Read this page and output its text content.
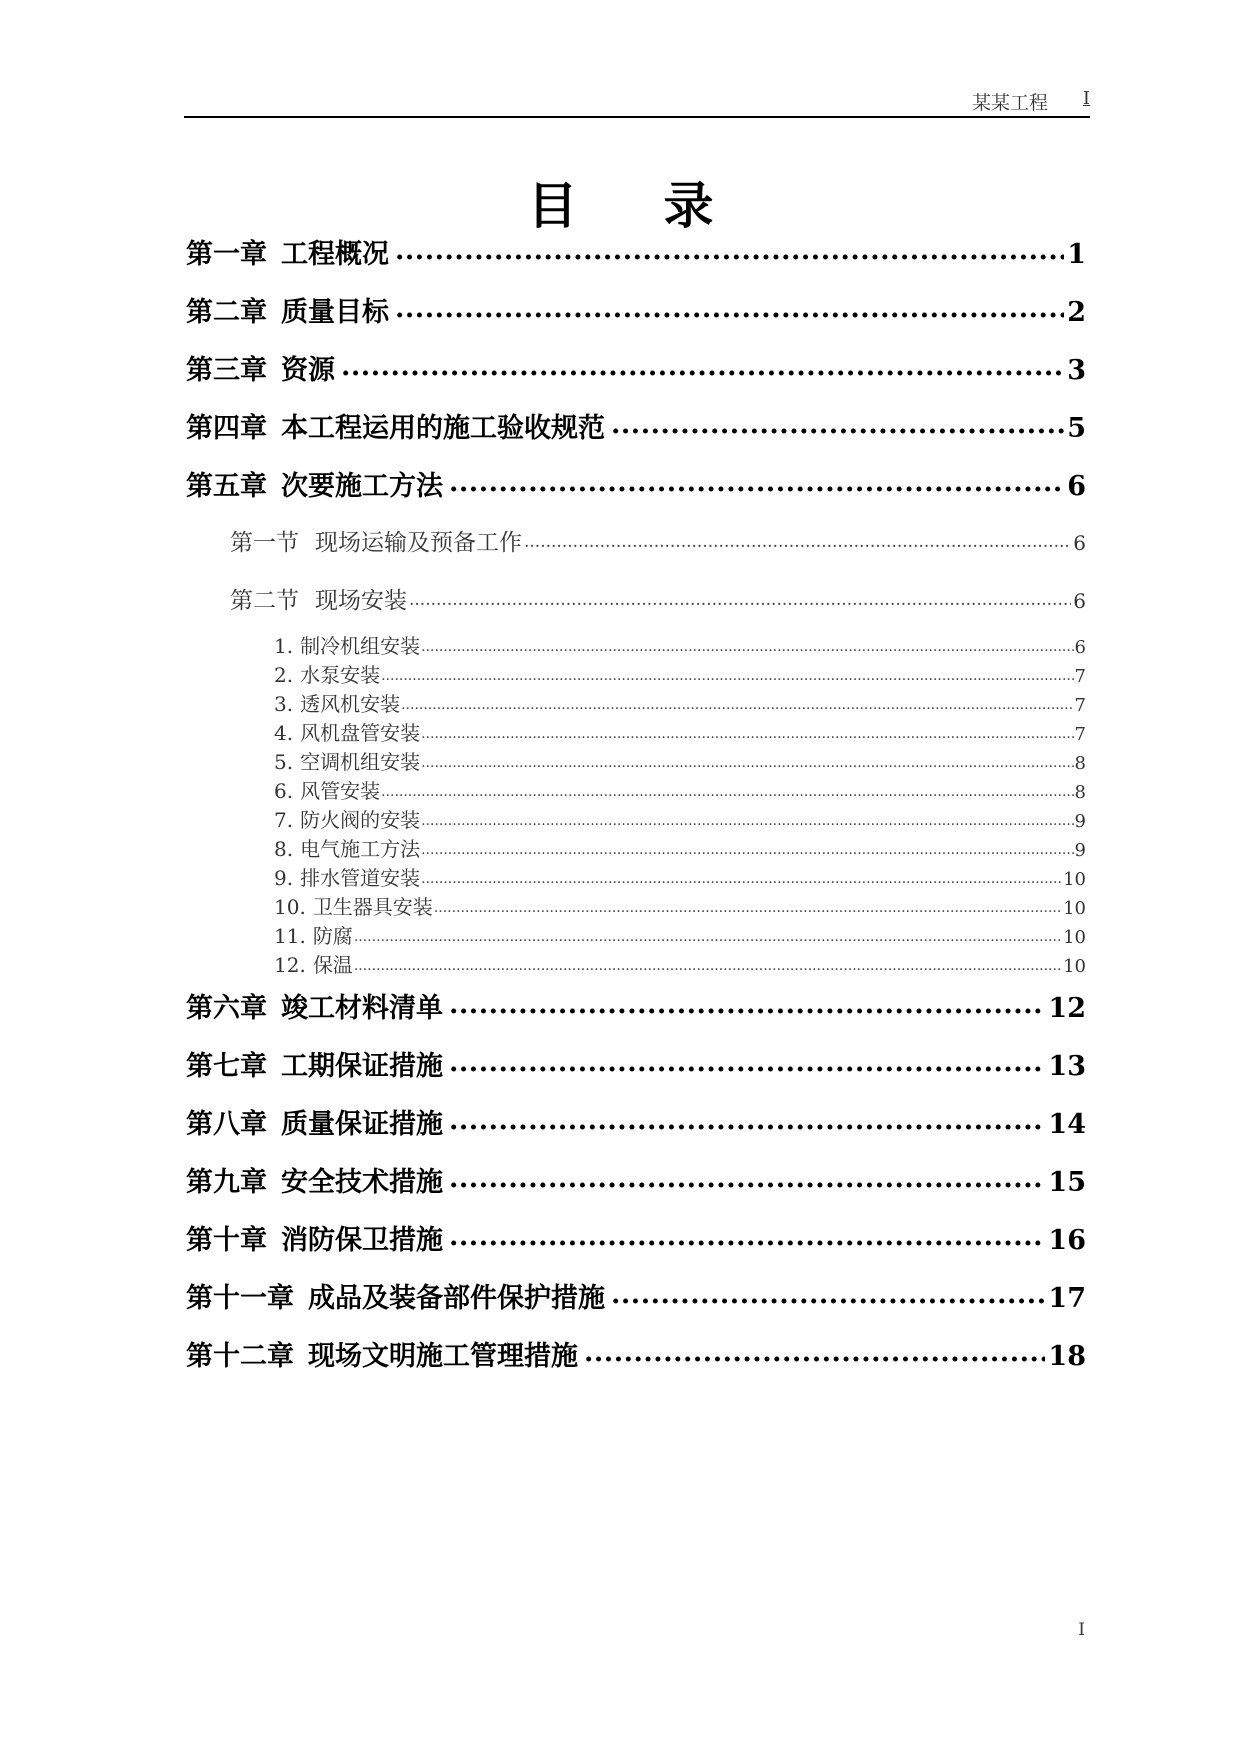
某某工程 I
目录
第一章 工程概况 .....	1
第二章 质量目标 .....	2
第三章 资源 .....	3
第四章 本工程运用的施工验收规范 .....	5
第五章 次要施工方法 .....	6
第一节 现场运输及预备工作 .....	6
第二节 现场安装 .....	6
1. 制冷机组安装 .....	6
2. 水泵安装 .....	7
3. 透风机安装 .....	7
4. 风机盘管安装 .....	7
5. 空调机组安装 .....	8
6. 风管安装 .....	8
7. 防火阀的安装 .....	9
8. 电气施工方法 .....	9
9. 排水管道安装 .....	10
10. 卫生器具安装 .....	10
11. 防腐 .....	10
12. 保温 .....	10
第六章 竣工材料清单 .....	12
第七章 工期保证措施 .....	13
第八章 质量保证措施 .....	14
第九章 安全技术措施 .....	15
第十章 消防保卫措施 .....	16
第十一章 成品及装备部件保护措施 .....	17
第十二章 现场文明施工管理措施 .....	18
I
